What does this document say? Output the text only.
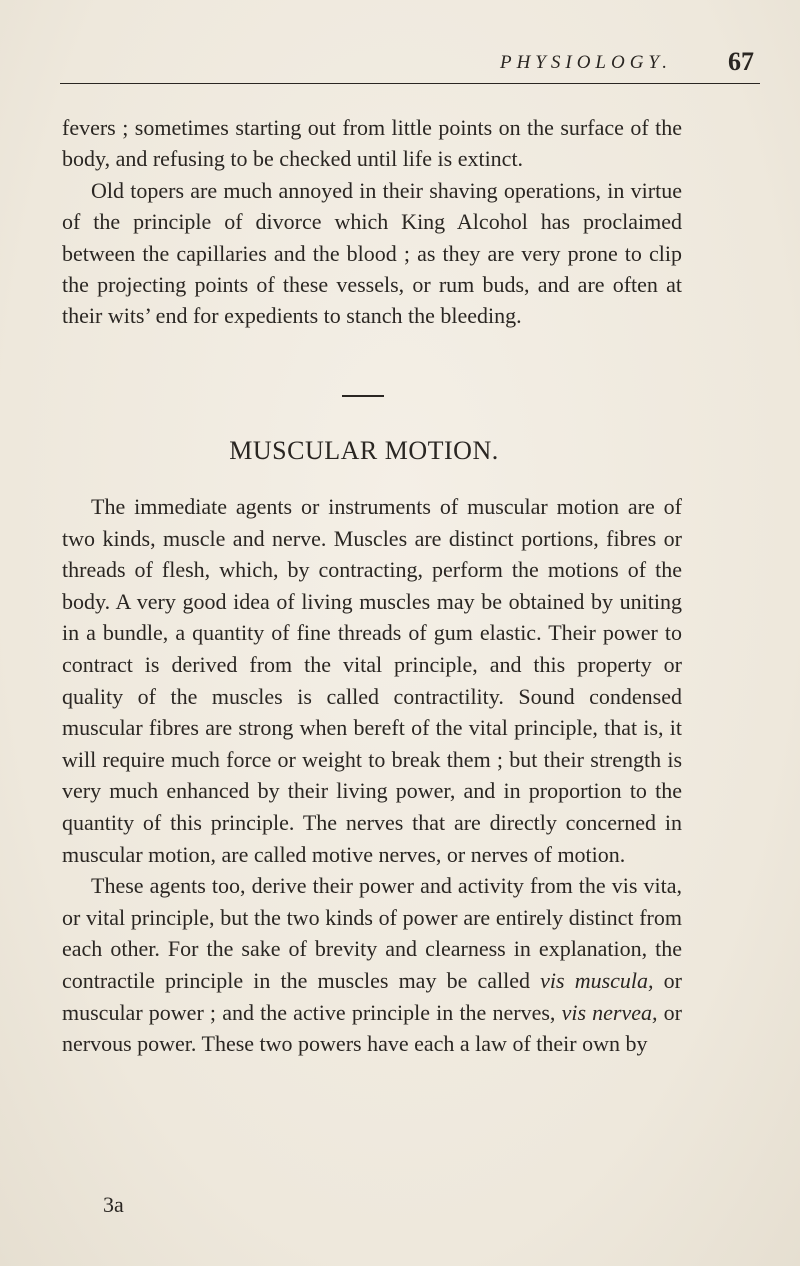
PHYSIOLOGY. 67

fevers ; sometimes starting out from little points on the surface of the body, and refusing to be checked until life is extinct.

Old topers are much annoyed in their shaving operations, in virtue of the principle of divorce which King Alcohol has proclaimed between the capillaries and the blood ; as they are very prone to clip the projecting points of these vessels, or rum buds, and are often at their wits’ end for expedients to stanch the bleeding.

MUSCULAR MOTION.

The immediate agents or instruments of muscular motion are of two kinds, muscle and nerve. Muscles are distinct portions, fibres or threads of flesh, which, by contracting, perform the motions of the body. A very good idea of living muscles may be obtained by uniting in a bundle, a quantity of fine threads of gum elastic. Their power to contract is derived from the vital principle, and this property or quality of the muscles is called contractility. Sound condensed muscular fibres are strong when bereft of the vital principle, that is, it will require much force or weight to break them ; but their strength is very much enhanced by their living power, and in proportion to the quantity of this principle. The nerves that are directly concerned in muscular motion, are called motive nerves, or nerves of motion.

These agents too, derive their power and activity from the vis vita, or vital principle, but the two kinds of power are entirely distinct from each other. For the sake of brevity and clearness in explanation, the contractile principle in the muscles may be called vis muscula, or muscular power ; and the active principle in the nerves, vis nervea, or nervous power. These two powers have each a law of their own by

3a
